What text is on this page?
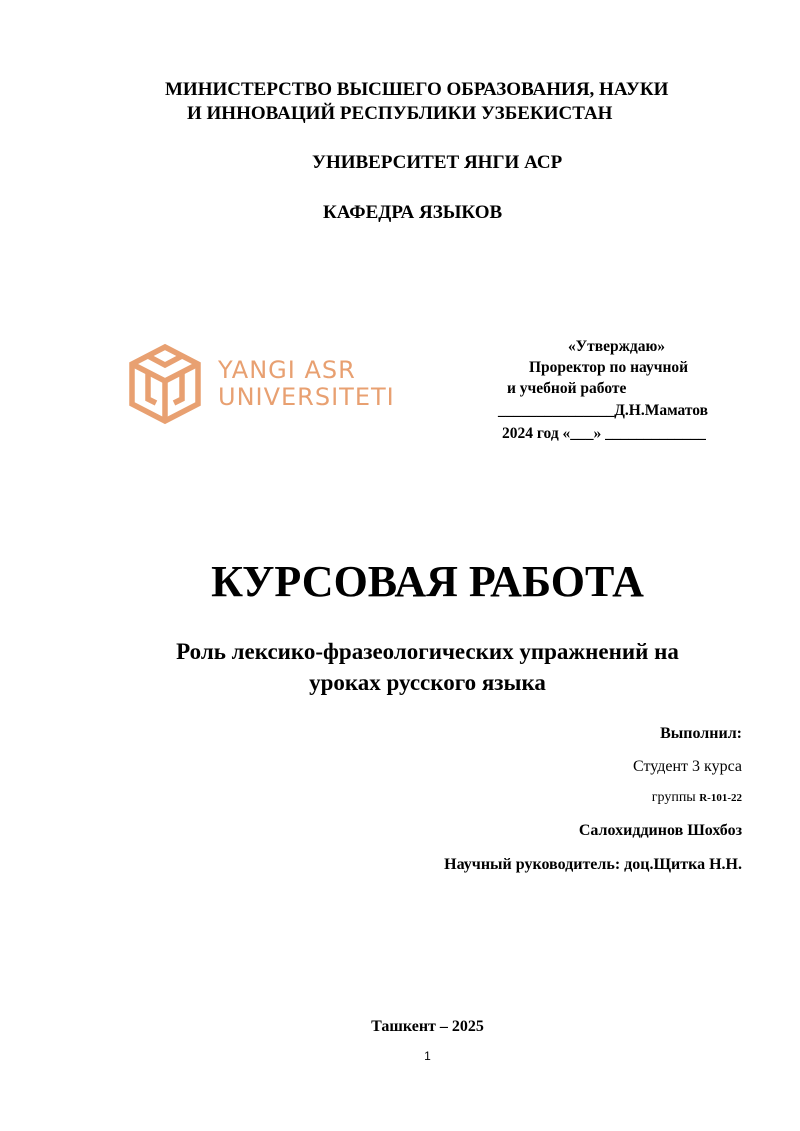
МИНИСТЕРСТВО ВЫСШЕГО ОБРАЗОВАНИЯ, НАУКИ
И ИННОВАЦИЙ РЕСПУБЛИКИ УЗБЕКИСТАН
УНИВЕРСИТЕТ ЯНГИ АСР
КАФЕДРА ЯЗЫКОВ
YANGI ASR
UNIVERSITETI
«Утверждаю»
Проректор по научной
и учебной работе
_______________Д.Н.Маматов
2024 год «___» _____________
КУРСОВАЯ РАБОТА
Роль лексико-фразеологических упражнений на
уроках русского языка
Выполнил:
Студент 3 курса
группы R-101-22
Салохиддинов Шохбоз
Научный руководитель: доц.Щитка Н.Н.
Ташкент – 2025
1
